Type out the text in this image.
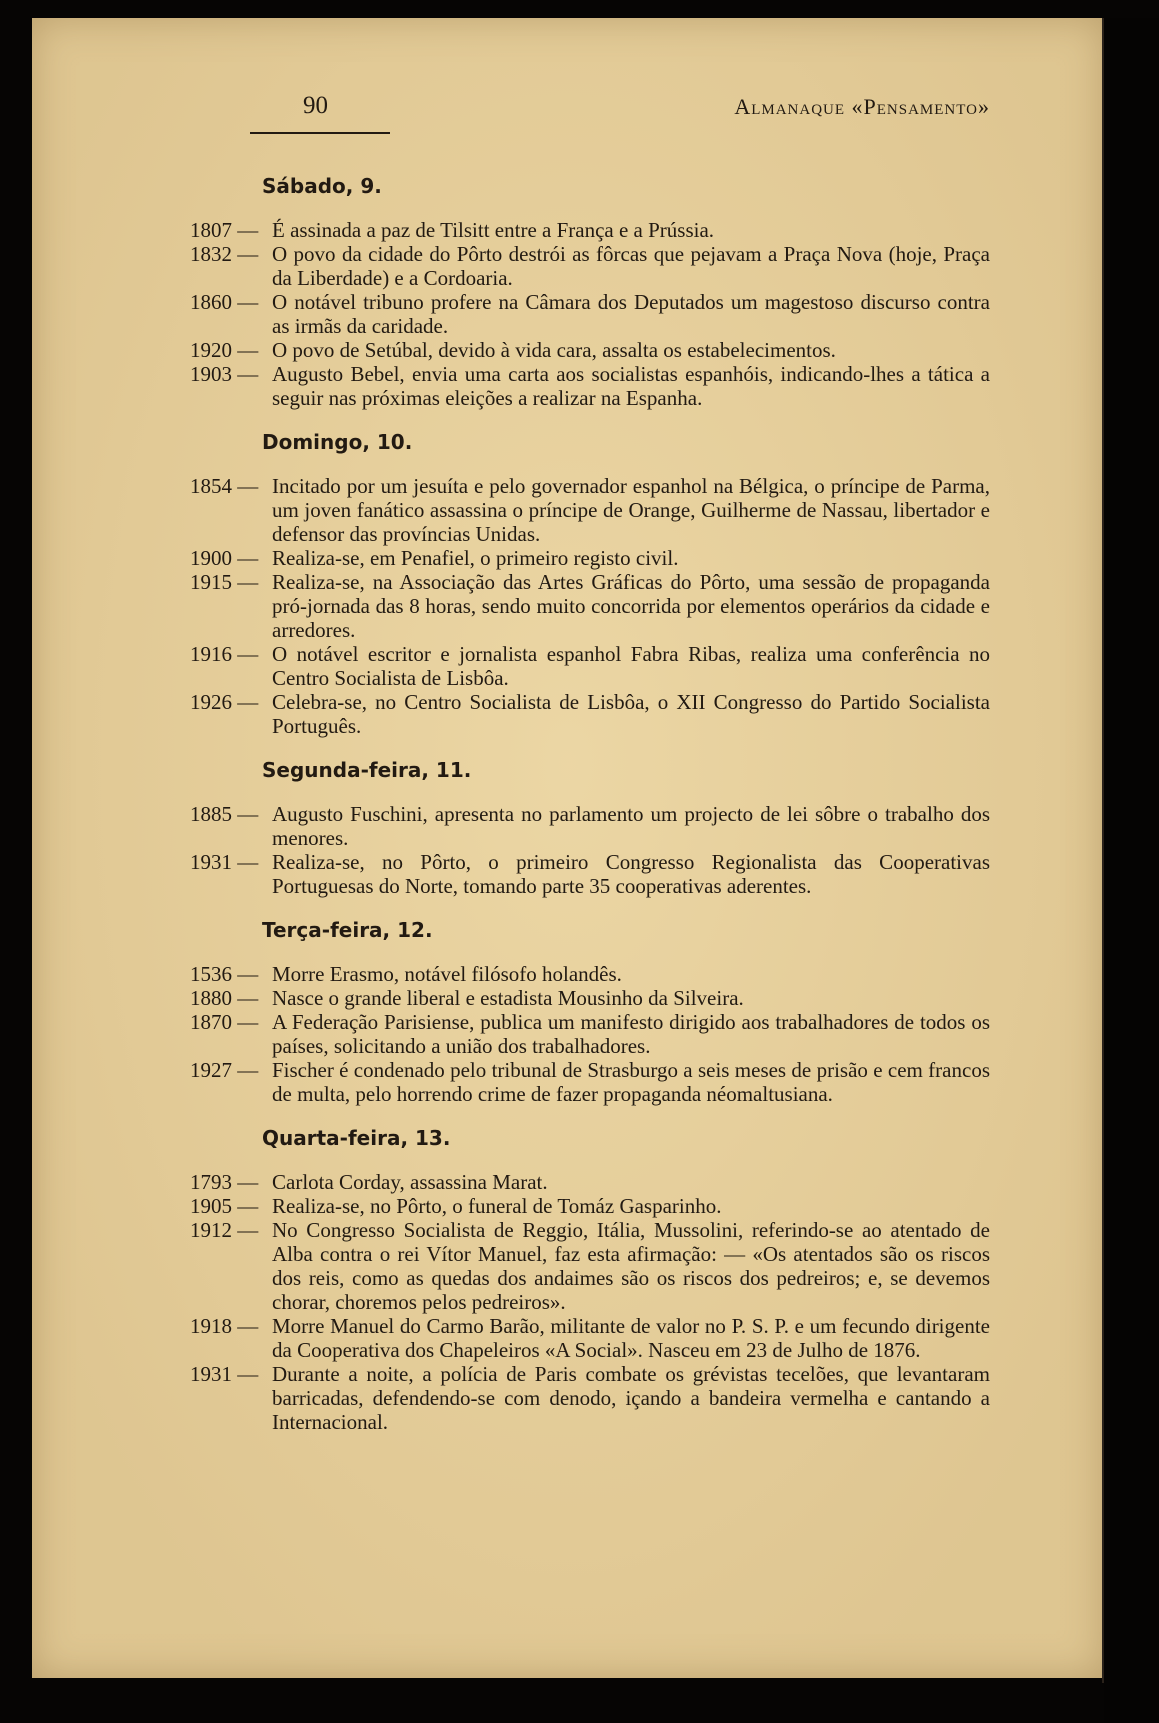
90	Almanaque «Pensamento»
Sábado, 9.
1807 — É assinada a paz de Tilsitt entre a França e a Prússia.
1832 — O povo da cidade do Pôrto destrói as fôrcas que pejavam a Praça Nova (hoje, Praça da Liberdade) e a Cordoaria.
1860 — O notável tribuno profere na Câmara dos Deputados um magestoso discurso contra as irmãs da caridade.
1920 — O povo de Setúbal, devido à vida cara, assalta os estabelecimentos.
1903 — Augusto Bebel, envia uma carta aos socialistas espanhóis, indicando-lhes a tática a seguir nas próximas eleições a realizar na Espanha.
Domingo, 10.
1854 — Incitado por um jesuíta e pelo governador espanhol na Bélgica, o príncipe de Parma, um joven fanático assassina o príncipe de Orange, Guilherme de Nassau, libertador e defensor das províncias Unidas.
1900 — Realiza-se, em Penafiel, o primeiro registo civil.
1915 — Realiza-se, na Associação das Artes Gráficas do Pôrto, uma sessão de propaganda pró-jornada das 8 horas, sendo muito concorrida por elementos operários da cidade e arredores.
1916 — O notável escritor e jornalista espanhol Fabra Ribas, realiza uma conferência no Centro Socialista de Lisbôa.
1926 — Celebra-se, no Centro Socialista de Lisbôa, o XII Congresso do Partido Socialista Português.
Segunda-feira, 11.
1885 — Augusto Fuschini, apresenta no parlamento um projecto de lei sôbre o trabalho dos menores.
1931 — Realiza-se, no Pôrto, o primeiro Congresso Regionalista das Cooperativas Portuguesas do Norte, tomando parte 35 cooperativas aderentes.
Terça-feira, 12.
1536 — Morre Erasmo, notável filósofo holandês.
1880 — Nasce o grande liberal e estadista Mousinho da Silveira.
1870 — A Federação Parisiense, publica um manifesto dirigido aos trabalhadores de todos os países, solicitando a união dos trabalhadores.
1927 — Fischer é condenado pelo tribunal de Strasburgo a seis meses de prisão e cem francos de multa, pelo horrendo crime de fazer propaganda néomaltusiana.
Quarta-feira, 13.
1793 — Carlota Corday, assassina Marat.
1905 — Realiza-se, no Pôrto, o funeral de Tomáz Gasparinho.
1912 — No Congresso Socialista de Reggio, Itália, Mussolini, referindo-se ao atentado de Alba contra o rei Vítor Manuel, faz esta afirmação: — «Os atentados são os riscos dos reis, como as quedas dos andaimes são os riscos dos pedreiros; e, se devemos chorar, choremos pelos pedreiros».
1918 — Morre Manuel do Carmo Barão, militante de valor no P. S. P. e um fecundo dirigente da Cooperativa dos Chapeleiros «A Social». Nasceu em 23 de Julho de 1876.
1931 — Durante a noite, a polícia de Paris combate os grévistas tecelões, que levantaram barricadas, defendendo-se com denodo, içando a bandeira vermelha e cantando a Internacional.
